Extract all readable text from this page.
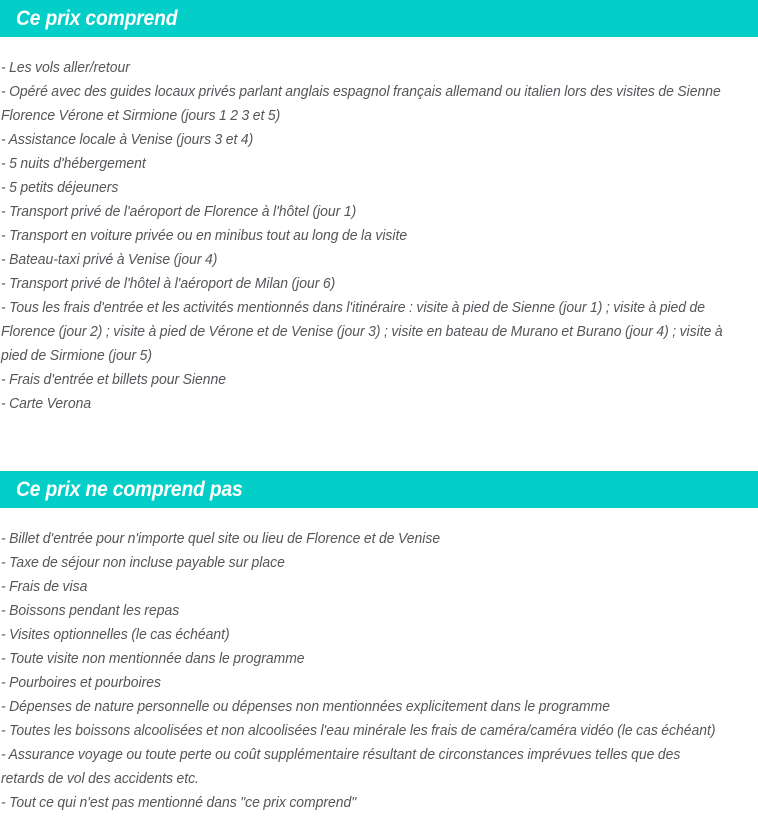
Ce prix comprend
- Les vols aller/retour
- Opéré avec des guides locaux privés parlant anglais espagnol français allemand ou italien lors des visites de Sienne Florence Vérone et Sirmione (jours 1 2 3 et 5)
- Assistance locale à Venise (jours 3 et 4)
- 5 nuits d'hébergement
- 5 petits déjeuners
- Transport privé de l'aéroport de Florence à l'hôtel (jour 1)
- Transport en voiture privée ou en minibus tout au long de la visite
- Bateau-taxi privé à Venise (jour 4)
- Transport privé de l'hôtel à l'aéroport de Milan (jour 6)
- Tous les frais d'entrée et les activités mentionnés dans l'itinéraire : visite à pied de Sienne (jour 1) ; visite à pied de Florence (jour 2) ; visite à pied de Vérone et de Venise (jour 3) ; visite en bateau de Murano et Burano (jour 4) ; visite à pied de Sirmione (jour 5)
- Frais d'entrée et billets pour Sienne
- Carte Verona
Ce prix ne comprend pas
- Billet d'entrée pour n'importe quel site ou lieu de Florence et de Venise
- Taxe de séjour non incluse payable sur place
- Frais de visa
- Boissons pendant les repas
- Visites optionnelles (le cas échéant)
- Toute visite non mentionnée dans le programme
- Pourboires et pourboires
- Dépenses de nature personnelle ou dépenses non mentionnées explicitement dans le programme
- Toutes les boissons alcoolisées et non alcoolisées l'eau minérale les frais de caméra/caméra vidéo (le cas échéant)
- Assurance voyage ou toute perte ou coût supplémentaire résultant de circonstances imprévues telles que des retards de vol des accidents etc.
- Tout ce qui n'est pas mentionné dans "ce prix comprend"
